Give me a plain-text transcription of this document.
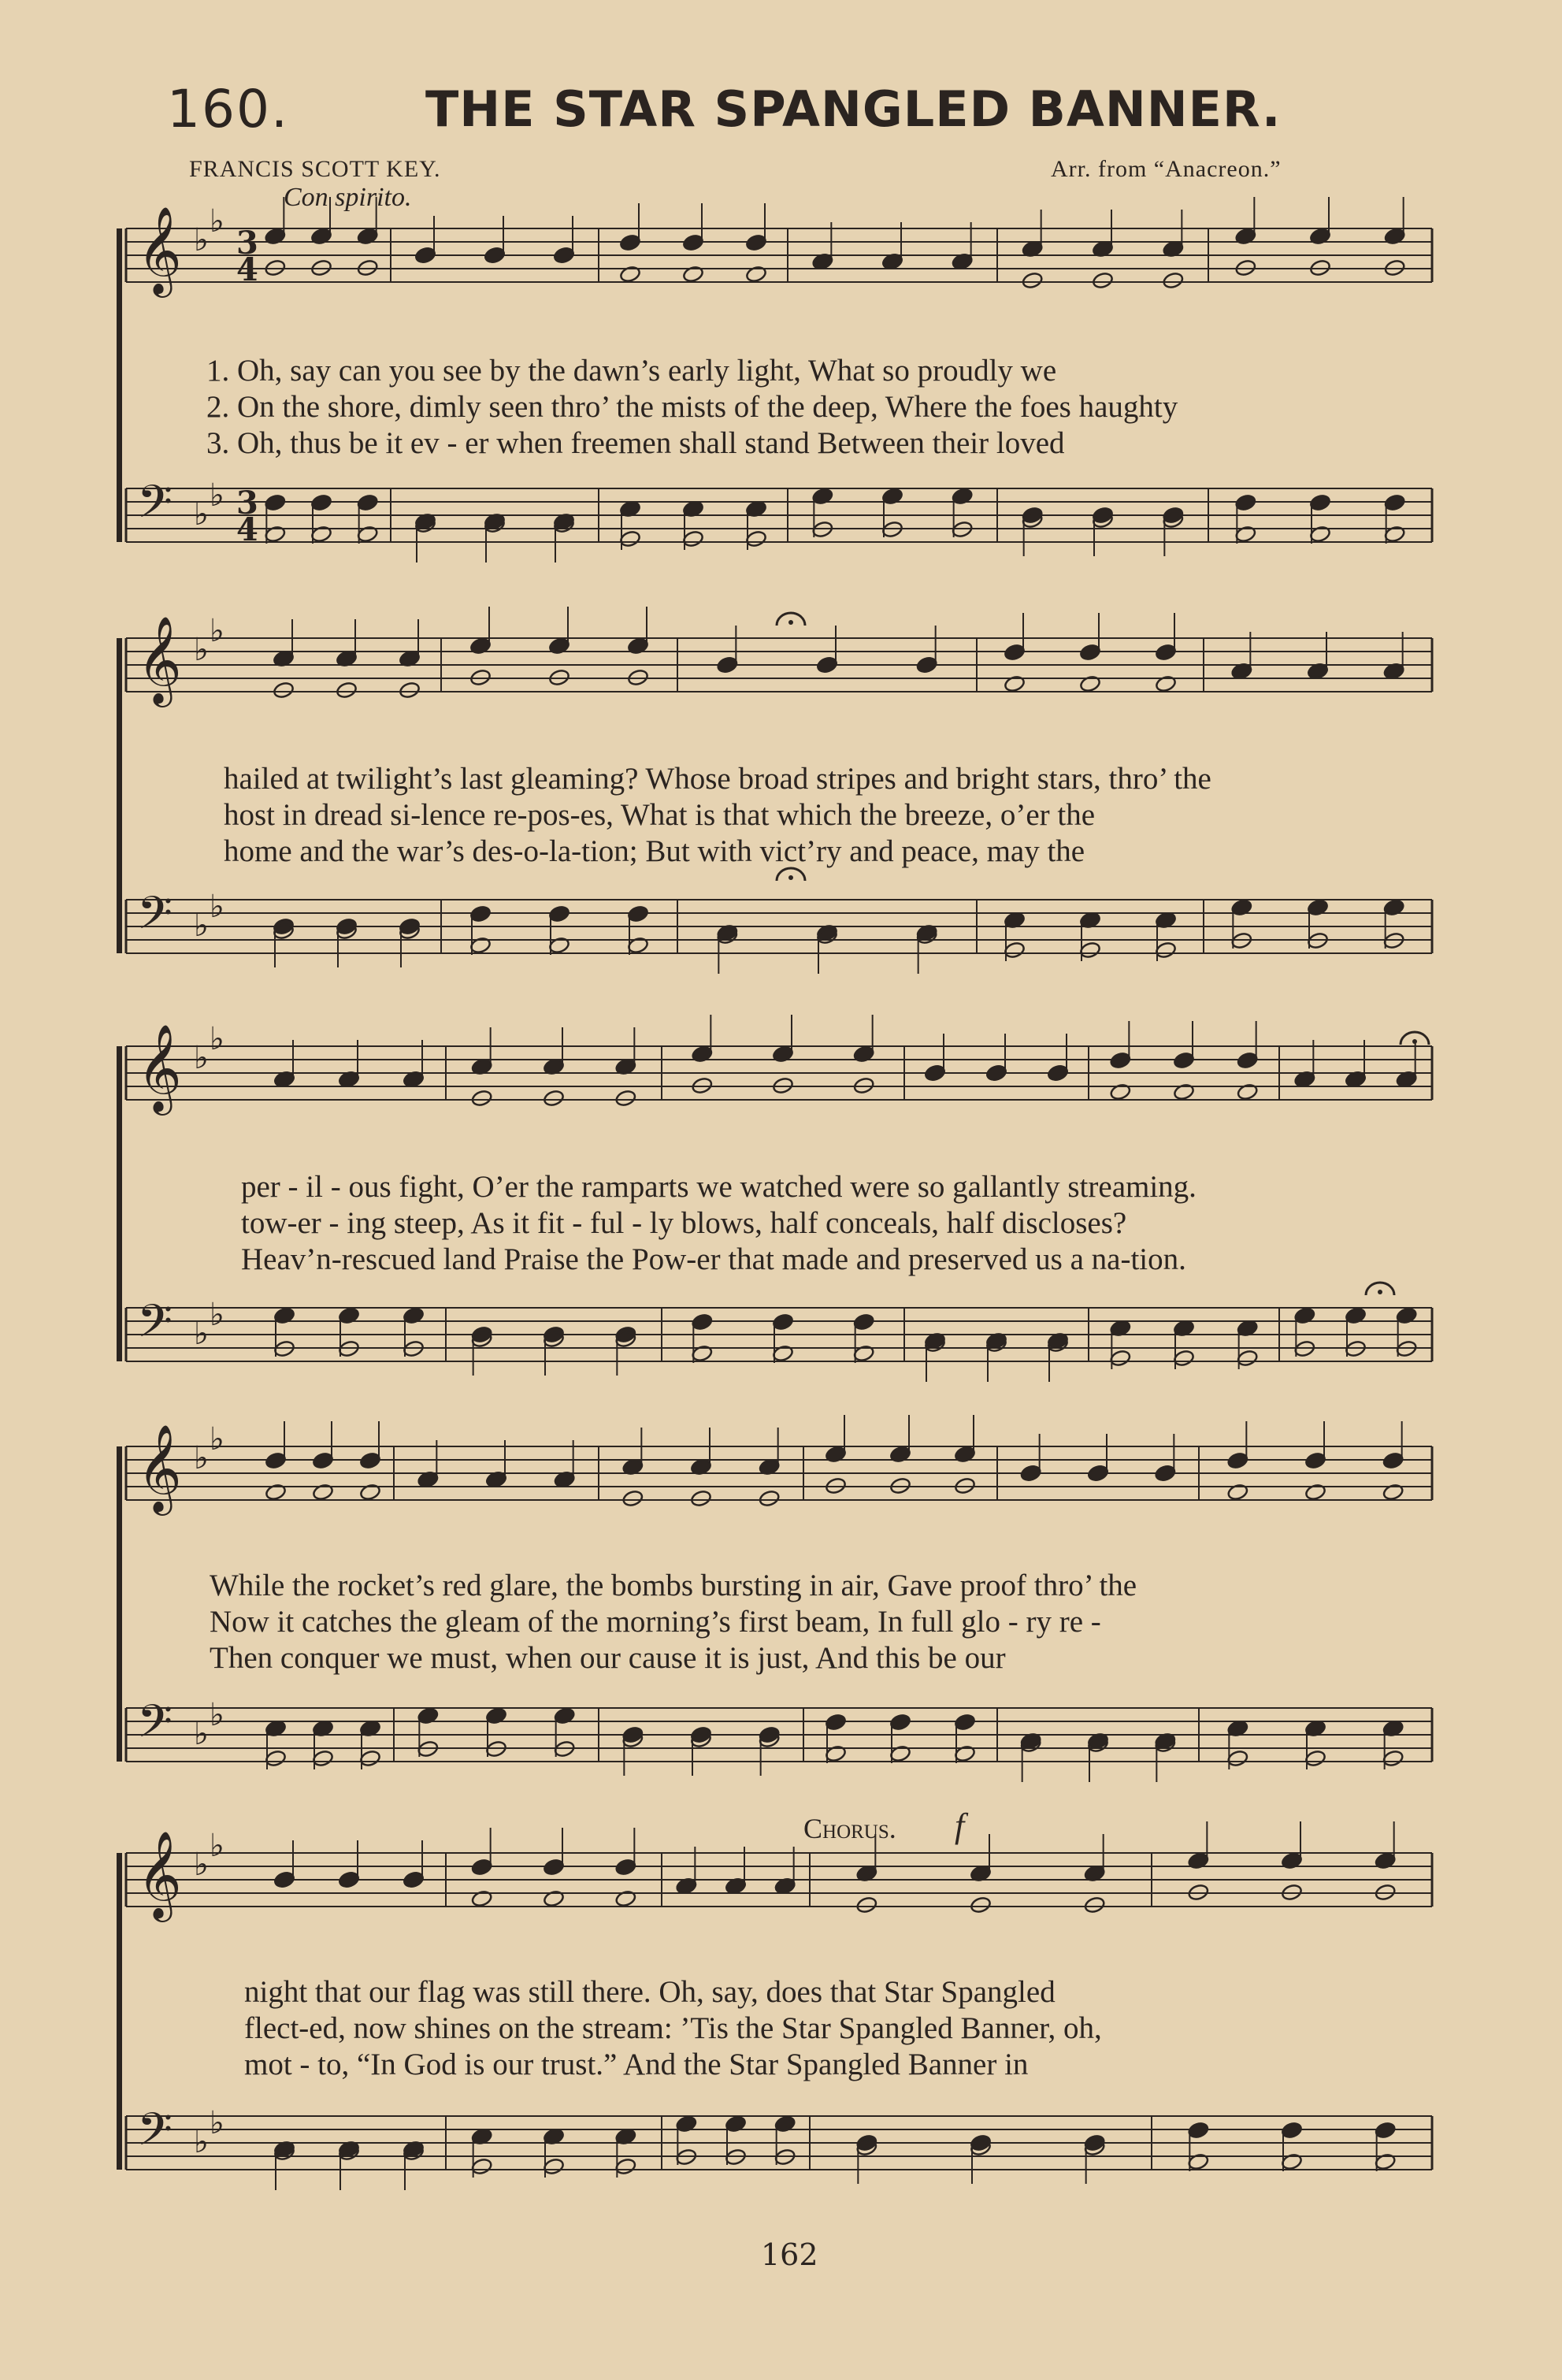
𝄞 ♭
♭
𝄢 ♭
♭
𝄞 ♭
♭
𝄢 ♭
♭
𝄞 ♭
♭
𝄢 ♭
♭
𝄞 ♭
♭
𝄢 ♭
♭
𝄞 ♭
♭
𝄢 ♭
♭
3
4
3
4
160.	THE STAR SPANGLED BANNER.
FRANCIS SCOTT KEY.	Arr. from “Anacreon.”
Con spirito.
1. Oh, say can you see by the dawn’s early light, What so proudly we
2. On the shore, dimly seen thro’ the mists of the deep, Where the foes haughty
3. Oh, thus be it ev - er when freemen shall stand Between their loved
hailed at twilight’s last gleaming? Whose broad stripes and bright stars, thro’ the
host in dread si-lence re-pos-es, What is that which the breeze, o’er the
home and the war’s des-o-la-tion; But with vict’ry and peace, may the
per - il - ous fight, O’er the ramparts we watched were so gallantly streaming.
tow-er - ing steep, As it fit - ful - ly blows, half conceals, half discloses?
Heav’n-rescued land Praise the Pow-er that made and preserved us a na-tion.
While the rocket’s red glare, the bombs bursting in air, Gave proof thro’ the
Now it catches the gleam of the morning’s first beam, In full glo - ry re -
Then conquer we must, when our cause it is just, And this be our
Chorus. f
night that our flag was still there. Oh, say, does that Star Spangled
flect-ed, now shines on the stream: ’Tis the Star Spangled Banner, oh,
mot - to, “In God is our trust.” And the Star Spangled Banner in
162
